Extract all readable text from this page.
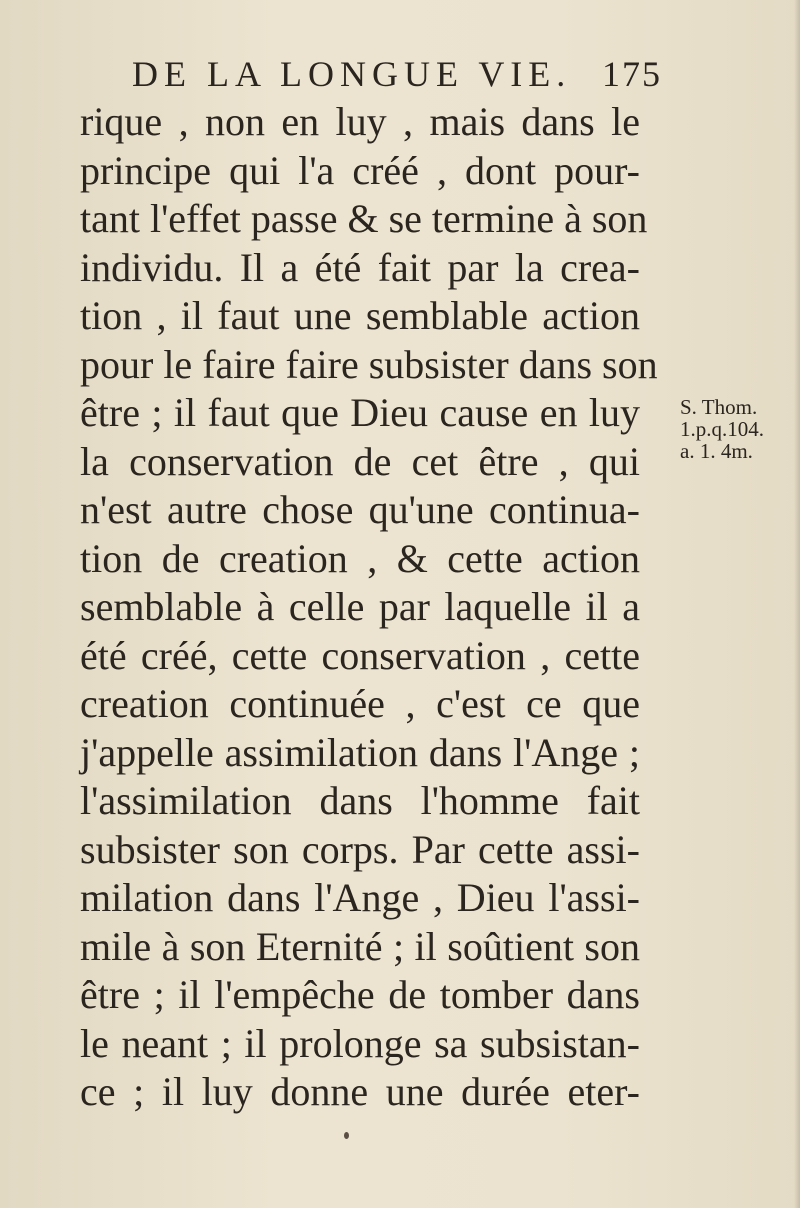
DE LA LONGUE VIE. 175
rique , non en luy , mais dans le
principe qui l'a créé , dont pour-
tant l'effet passe & se termine à son
individu. Il a été fait par la crea-
tion , il faut une semblable action
pour le faire faire subsister dans son
être ; il faut que Dieu cause en luy
la conservation de cet être , qui
n'est autre chose qu'une continua-
tion de creation , & cette action
semblable à celle par laquelle il a
été créé, cette conservation , cette
creation continuée , c'est ce que
j'appelle assimilation dans l'Ange ;
l'assimilation dans l'homme fait
subsister son corps. Par cette assi-
milation dans l'Ange , Dieu l'assi-
mile à son Eternité ; il soûtient son
être ; il l'empêche de tomber dans
le neant ; il prolonge sa subsistan-
ce ; il luy donne une durée eter-
S. Thom.
1.p.q.104.
a. 1. 4m.
